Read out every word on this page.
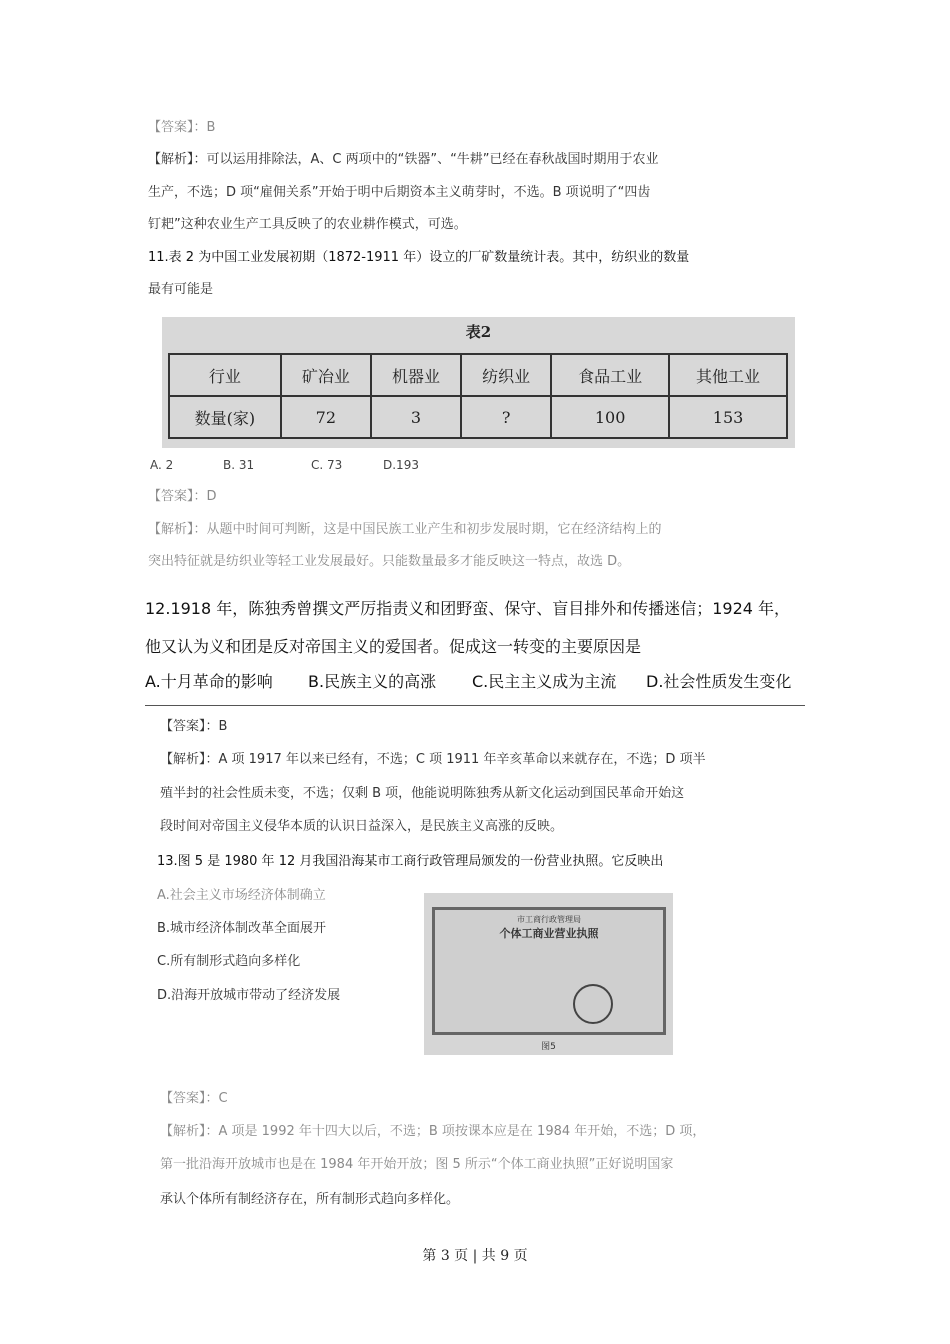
【答案】：B
【解析】：可以运用排除法，A、C 两项中的“铁器”、“牛耕”已经在春秋战国时期用于农业
生产，不选；D 项“雇佣关系”开始于明中后期资本主义萌芽时，不选。B 项说明了“四齿
钉耙”这种农业生产工具反映了的农业耕作模式，可选。
11.表 2 为中国工业发展初期（1872-1911 年）设立的厂矿数量统计表。其中，纺织业的数量
最有可能是
表2
行业	矿冶业	机器业	纺织业	食品工业	其他工业
数量(家)	72	3	?	100	153
A. 2	B. 31	C. 73	D.193
【答案】：D
【解析】：从题中时间可判断，这是中国民族工业产生和初步发展时期，它在经济结构上的
突出特征就是纺织业等轻工业发展最好。只能数量最多才能反映这一特点，故选 D。
12.1918 年，陈独秀曾撰文严厉指责义和团野蛮、保守、盲目排外和传播迷信；1924 年，
他又认为义和团是反对帝国主义的爱国者。促成这一转变的主要原因是
A.十月革命的影响 B.民族主义的高涨 C.民主主义成为主流 D.社会性质发生变化
【答案】：B
【解析】：A 项 1917 年以来已经有，不选；C 项 1911 年辛亥革命以来就存在，不选；D 项半
殖半封的社会性质未变，不选；仅剩 B 项，他能说明陈独秀从新文化运动到国民革命开始这
段时间对帝国主义侵华本质的认识日益深入，是民族主义高涨的反映。
13.图 5 是 1980 年 12 月我国沿海某市工商行政管理局颁发的一份营业执照。它反映出
A.社会主义市场经济体制确立
B.城市经济体制改革全面展开
C.所有制形式趋向多样化
D.沿海开放城市带动了经济发展
市工商行政管理局
个体工商业营业执照
图5
【答案】：C
【解析】：A 项是 1992 年十四大以后，不选；B 项按课本应是在 1984 年开始，不选；D 项，
第一批沿海开放城市也是在 1984 年开始开放；图 5 所示“个体工商业执照”正好说明国家
承认个体所有制经济存在，所有制形式趋向多样化。
第 3 页 | 共 9 页
